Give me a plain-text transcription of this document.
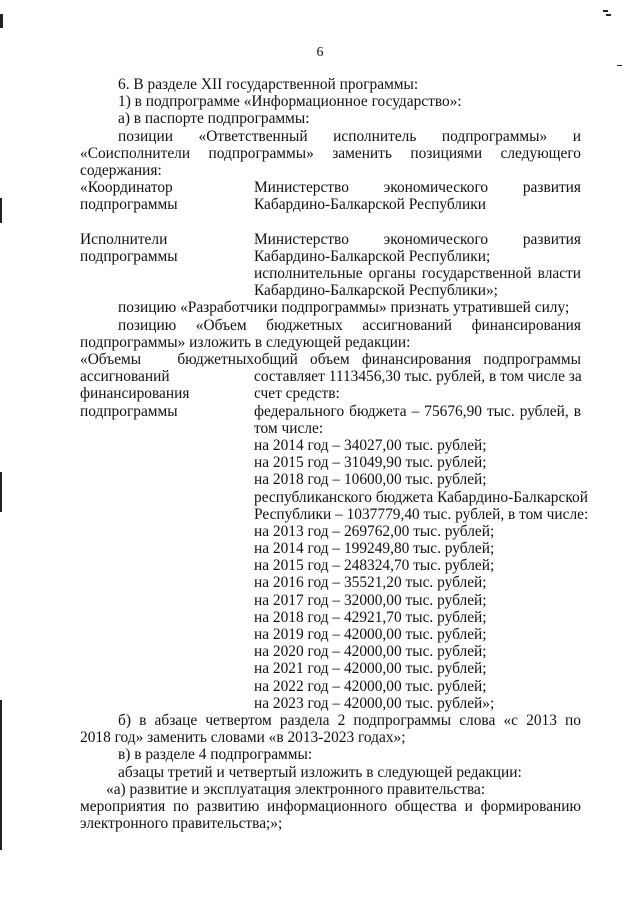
6
6. В разделе XII государственной программы:
1) в подпрограмме «Информационное государство»:
а) в паспорте подпрограммы:
позиции «Ответственный исполнитель подпрограммы» и
«Соисполнители подпрограммы» заменить позициями следующего
содержания:
«Координатор
подпрограммы
Министерство экономического развития
Кабардино-Балкарской Республики
Исполнители
подпрограммы
Министерство экономического развития
Кабардино-Балкарской Республики;
исполнительные органы государственной власти
Кабардино-Балкарской Республики»;
позицию «Разработчики подпрограммы» признать утратившей силу;
позицию «Объем бюджетных ассигнований финансирования
подпрограммы» изложить в следующей редакции:
«Объемы бюджетных
ассигнований
финансирования
подпрограммы
общий объем финансирования подпрограммы
составляет 1113456,30 тыс. рублей, в том числе за
счет средств:
федерального бюджета – 75676,90 тыс. рублей, в
том числе:
на 2014 год – 34027,00 тыс. рублей;
на 2015 год – 31049,90 тыс. рублей;
на 2018 год – 10600,00 тыс. рублей;
республиканского бюджета Кабардино-Балкарской
Республики – 1037779,40 тыс. рублей, в том числе:
на 2013 год – 269762,00 тыс. рублей;
на 2014 год – 199249,80 тыс. рублей;
на 2015 год – 248324,70 тыс. рублей;
на 2016 год – 35521,20 тыс. рублей;
на 2017 год – 32000,00 тыс. рублей;
на 2018 год – 42921,70 тыс. рублей;
на 2019 год – 42000,00 тыс. рублей;
на 2020 год – 42000,00 тыс. рублей;
на 2021 год – 42000,00 тыс. рублей;
на 2022 год – 42000,00 тыс. рублей;
на 2023 год – 42000,00 тыс. рублей»;
б) в абзаце четвертом раздела 2 подпрограммы слова «с 2013 по
2018 год» заменить словами «в 2013-2023 годах»;
в) в разделе 4 подпрограммы:
абзацы третий и четвертый изложить в следующей редакции:
«а) развитие и эксплуатация электронного правительства:
мероприятия по развитию информационного общества и формированию
электронного правительства;»;
